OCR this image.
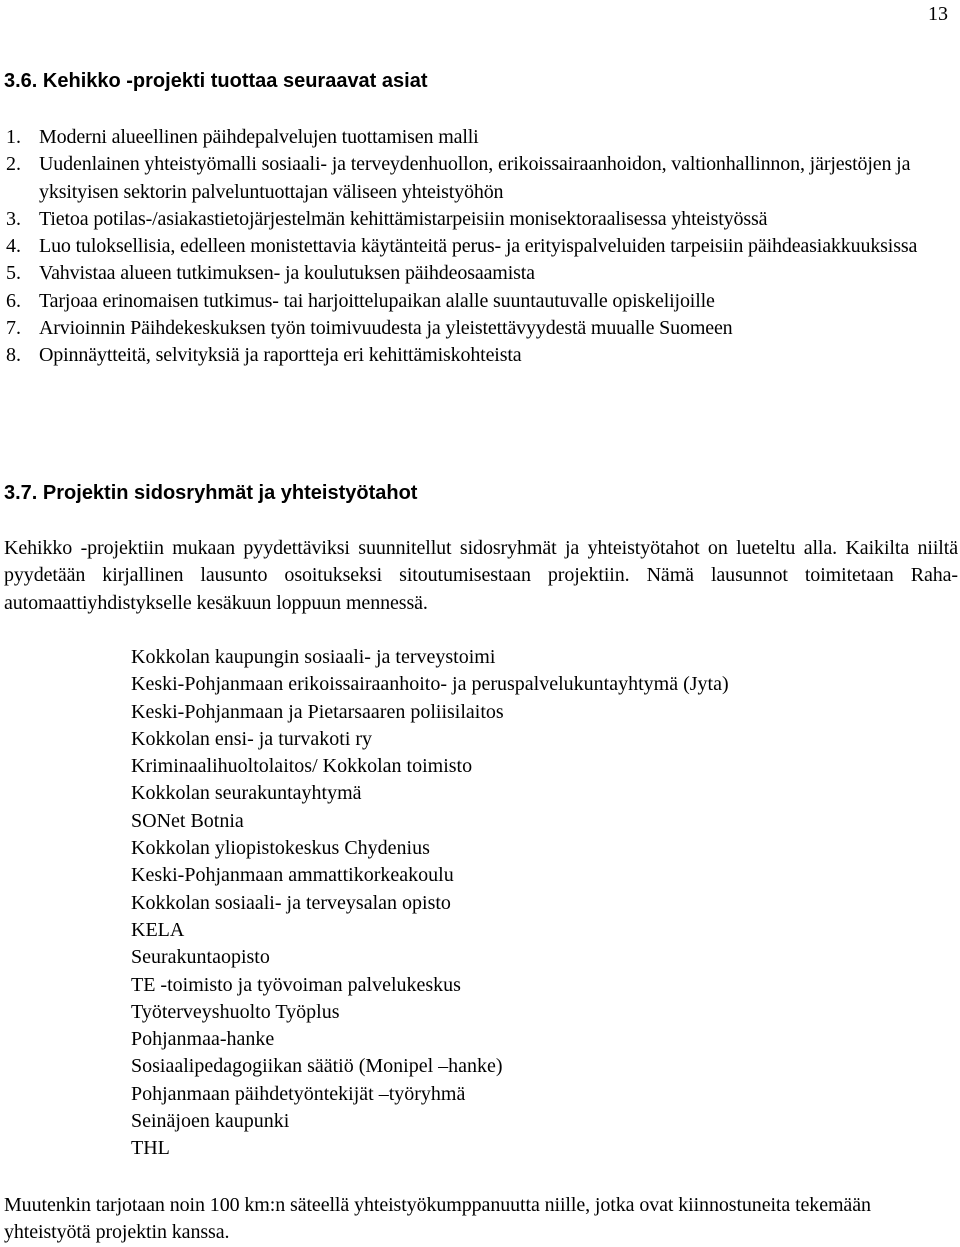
13
3.6. Kehikko -projekti tuottaa seuraavat asiat
1. Moderni alueellinen päihdepalvelujen tuottamisen malli
2. Uudenlainen yhteistyömalli sosiaali- ja terveydenhuollon, erikoissairaanhoidon, valtionhallinnon, järjestöjen ja yksityisen sektorin palveluntuottajan väliseen yhteistyöhön
3. Tietoa potilas-/asiakastietojärjestelmän kehittämistarpeisiin monisektoraalisessa yhteistyössä
4. Luo tuloksellisia, edelleen monistettavia käytänteitä perus- ja erityispalveluiden tarpeisiin päihdeasiakkuuksissa
5. Vahvistaa alueen tutkimuksen- ja koulutuksen päihdeosaamista
6. Tarjoaa erinomaisen tutkimus- tai harjoittelupaikan alalle suuntautuvalle opiskelijoille
7. Arvioinnin Päihdekeskuksen työn toimivuudesta ja yleistettävyydestä muualle Suomeen
8. Opinnäytteitä, selvityksiä ja raportteja eri kehittämiskohteista
3.7. Projektin sidosryhmät ja yhteistyötahot

Kehikko -projektiin mukaan pyydettäviksi suunnitellut sidosryhmät ja yhteistyötahot on lueteltu alla. Kaikilta niiltä pyydetään kirjallinen lausunto osoitukseksi sitoutumisestaan projektiin. Nämä lausunnot toimitetaan Raha-automaattiyhdistykselle kesäkuun loppuun mennessä.

Kokkolan kaupungin sosiaali- ja terveystoimi
Keski-Pohjanmaan erikoissairaanhoito- ja peruspalvelukuntayhtymä (Jyta)
Keski-Pohjanmaan ja Pietarsaaren poliisilaitos
Kokkolan ensi- ja turvakoti ry
Kriminaalihuoltolaitos/ Kokkolan toimisto
Kokkolan seurakuntayhtymä
SONet Botnia
Kokkolan yliopistokeskus Chydenius
Keski-Pohjanmaan ammattikorkeakoulu
Kokkolan sosiaali- ja terveysalan opisto
KELA
Seurakuntaopisto
TE -toimisto ja työvoiman palvelukeskus
Työterveyshuolto Työplus
Pohjanmaa-hanke
Sosiaalipedagogiikan säätiö (Monipel –hanke)
Pohjanmaan päihdetyöntekijät –työryhmä
Seinäjoen kaupunki
THL

Muutenkin tarjotaan noin 100 km:n säteellä yhteistyökumppanuutta niille, jotka ovat kiinnostuneita tekemään yhteistyötä projektin kanssa.
